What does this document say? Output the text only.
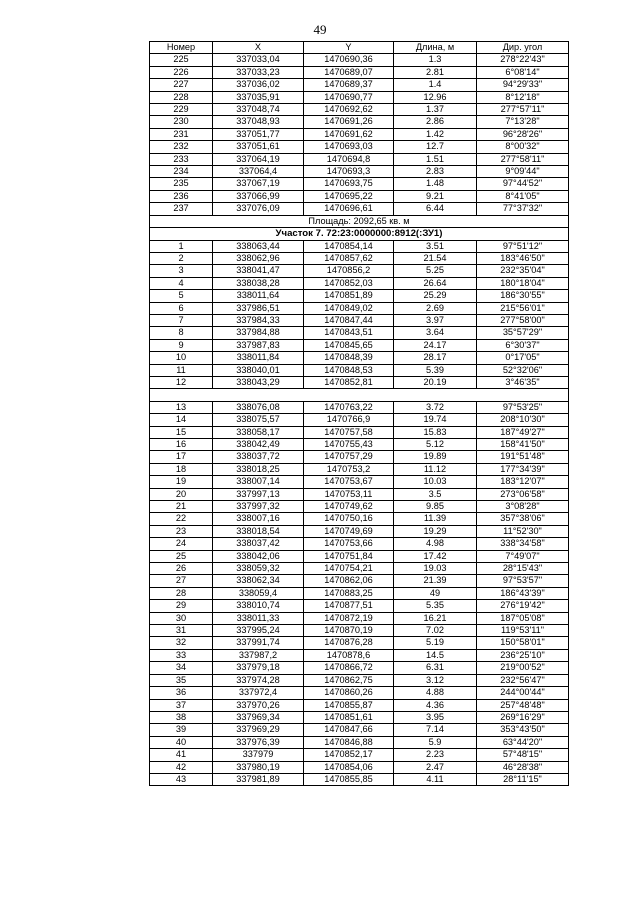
49
Номер	X	Y	Длина, м	Дир. угол
225	337033,04	1470690,36	1.3	278°22'43"
226	337033,23	1470689,07	2.81	6°08'14"
227	337036,02	1470689,37	1.4	94°29'33"
228	337035,91	1470690,77	12.96	8°12'18"
229	337048,74	1470692,62	1.37	277°57'11"
230	337048,93	1470691,26	2.86	7°13'28"
231	337051,77	1470691,62	1.42	96°28'26"
232	337051,61	1470693,03	12.7	8°00'32"
233	337064,19	1470694,8	1.51	277°58'11"
234	337064,4	1470693,3	2.83	9°09'44"
235	337067,19	1470693,75	1.48	97°44'52"
236	337066,99	1470695,22	9.21	8°41'05"
237	337076,09	1470696,61	6.44	77°37'32"
Площадь: 2092,65 кв. м				
Участок 7. 72:23:0000000:8912(:ЗУ1)				
1	338063,44	1470854,14	3.51	97°51'12"
2	338062,96	1470857,62	21.54	183°46'50"
3	338041,47	1470856,2	5.25	232°35'04"
4	338038,28	1470852,03	26.64	180°18'04"
5	338011,64	1470851,89	25.29	186°30'55"
6	337986,51	1470849,02	2.69	215°56'01"
7	337984,33	1470847,44	3.97	277°58'00"
8	337984,88	1470843,51	3.64	35°57'29"
9	337987,83	1470845,65	24.17	6°30'37"
10	338011,84	1470848,39	28.17	0°17'05"
11	338040,01	1470848,53	5.39	52°32'06"
12	338043,29	1470852,81	20.19	3°46'35"

13	338076,08	1470763,22	3.72	97°53'25"
14	338075,57	1470766,9	19.74	208°10'30"
15	338058,17	1470757,58	15.83	187°49'27"
16	338042,49	1470755,43	5.12	158°41'50"
17	338037,72	1470757,29	19.89	191°51'48"
18	338018,25	1470753,2	11.12	177°34'39"
19	338007,14	1470753,67	10.03	183°12'07"
20	337997,13	1470753,11	3.5	273°06'58"
21	337997,32	1470749,62	9.85	3°08'28"
22	338007,16	1470750,16	11.39	357°38'06"
23	338018,54	1470749,69	19.29	11°52'30"
24	338037,42	1470753,66	4.98	338°34'58"
25	338042,06	1470751,84	17.42	7°49'07"
26	338059,32	1470754,21	19.03	28°15'43"
27	338062,34	1470862,06	21.39	97°53'57"
28	338059,4	1470883,25	49	186°43'39"
29	338010,74	1470877,51	5.35	276°19'42"
30	338011,33	1470872,19	16.21	187°05'08"
31	337995,24	1470870,19	7.02	119°53'11"
32	337991,74	1470876,28	5.19	150°58'01"
33	337987,2	1470878,6	14.5	236°25'10"
34	337979,18	1470866,72	6.31	219°00'52"
35	337974,28	1470862,75	3.12	232°56'47"
36	337972,4	1470860,26	4.88	244°00'44"
37	337970,26	1470855,87	4.36	257°48'48"
38	337969,34	1470851,61	3.95	269°16'29"
39	337969,29	1470847,66	7.14	353°43'50"
40	337976,39	1470846,88	5.9	63°44'20"
41	337979	1470852,17	2.23	57°48'15"
42	337980,19	1470854,06	2.47	46°28'38"
43	337981,89	1470855,85	4.11	28°11'15"
